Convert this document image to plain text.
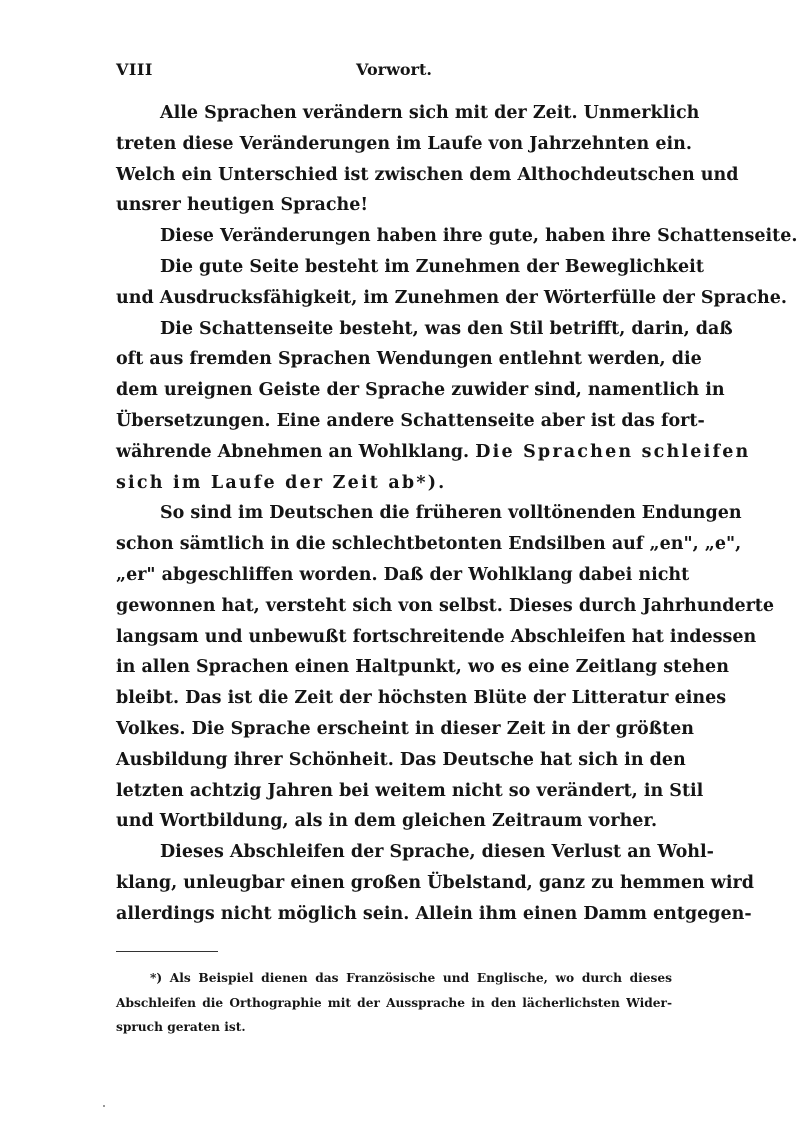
VIII	Vorwort.
Alle Sprachen verändern sich mit der Zeit. Unmerklich
treten diese Veränderungen im Laufe von Jahrzehnten ein.
Welch ein Unterschied ist zwischen dem Althochdeutschen und
unsrer heutigen Sprache!
Diese Veränderungen haben ihre gute, haben ihre Schattenseite.
Die gute Seite besteht im Zunehmen der Beweglichkeit
und Ausdrucksfähigkeit, im Zunehmen der Wörterfülle der Sprache.
Die Schattenseite besteht, was den Stil betrifft, darin, daß
oft aus fremden Sprachen Wendungen entlehnt werden, die
dem ureignen Geiste der Sprache zuwider sind, namentlich in
Übersetzungen. Eine andere Schattenseite aber ist das fort-
währende Abnehmen an Wohlklang. Die Sprachen schleifen
sich im Laufe der Zeit ab*).
So sind im Deutschen die früheren volltönenden Endungen
schon sämtlich in die schlechtbetonten Endsilben auf „en", „e",
„er" abgeschliffen worden. Daß der Wohlklang dabei nicht
gewonnen hat, versteht sich von selbst. Dieses durch Jahrhunderte
langsam und unbewußt fortschreitende Abschleifen hat indessen
in allen Sprachen einen Haltpunkt, wo es eine Zeitlang stehen
bleibt. Das ist die Zeit der höchsten Blüte der Litteratur eines
Volkes. Die Sprache erscheint in dieser Zeit in der größten
Ausbildung ihrer Schönheit. Das Deutsche hat sich in den
letzten achtzig Jahren bei weitem nicht so verändert, in Stil
und Wortbildung, als in dem gleichen Zeitraum vorher.
Dieses Abschleifen der Sprache, diesen Verlust an Wohl-
klang, unleugbar einen großen Übelstand, ganz zu hemmen wird
allerdings nicht möglich sein. Allein ihm einen Damm entgegen-
*) Als Beispiel dienen das Französische und Englische, wo durch dieses
Abschleifen die Orthographie mit der Aussprache in den lächerlichsten Wider-
spruch geraten ist.
